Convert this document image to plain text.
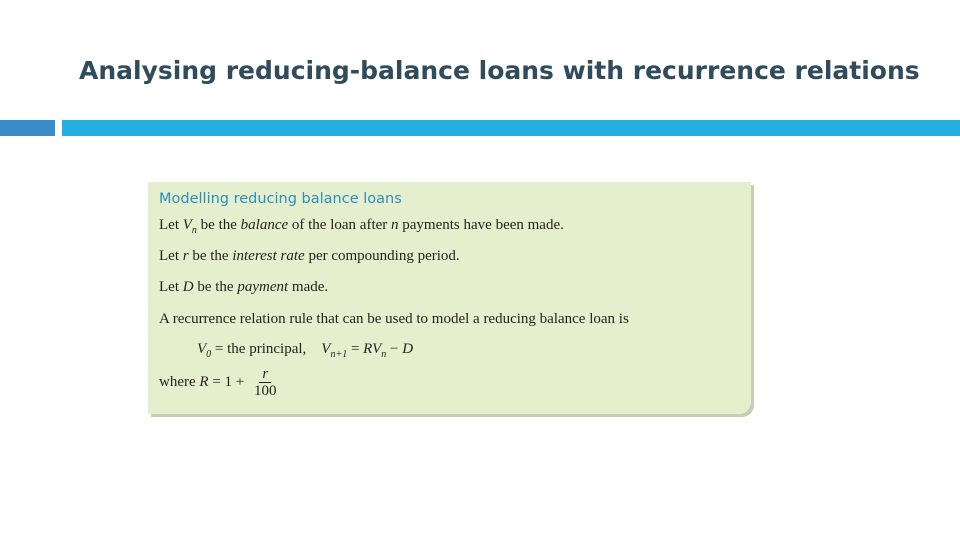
Analysing reducing-balance loans with recurrence relations
Modelling reducing balance loans
Let $V_n$ be the balance of the loan after n payments have been made.
Let r be the interest rate per compounding period.
Let D be the payment made.
A recurrence relation rule that can be used to model a reducing balance loan is
$V_0$ = the principal, $V_{n+1} = RV_n - D$
where $R = 1 + \frac{r}{100}$
